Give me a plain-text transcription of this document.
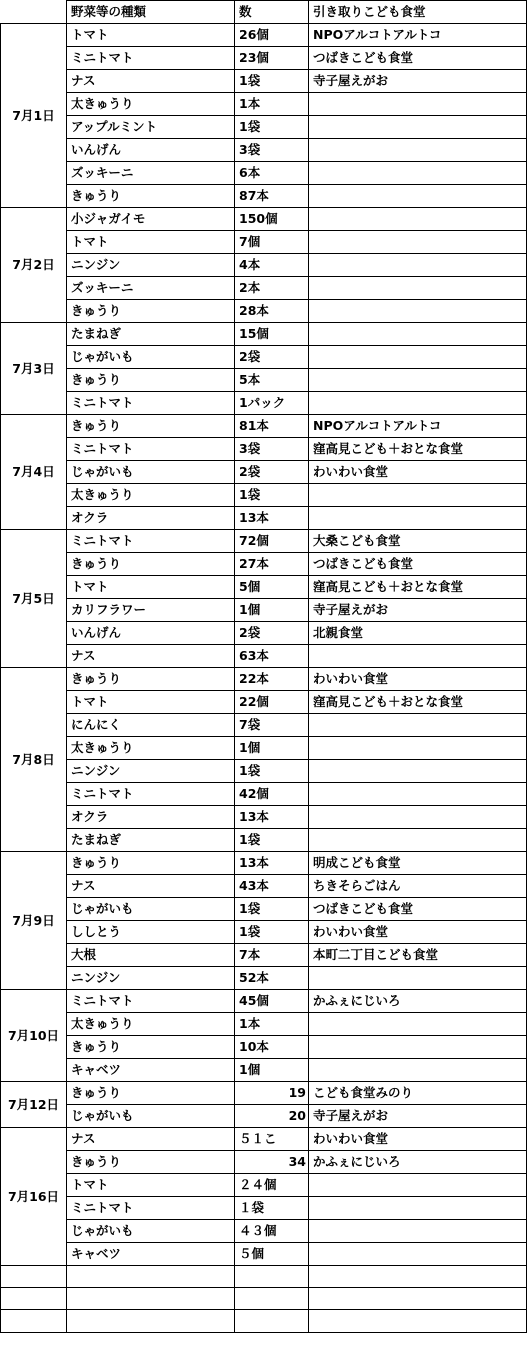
	野菜等の種類	数	引き取りこども食堂
7月1日	トマト	26個	NPOアルコトアルトコ
	ミニトマト	23個	つばきこども食堂
	ナス	1袋	寺子屋えがお
	太きゅうり	1本	
	アップルミント	1袋	
	いんげん	3袋	
	ズッキーニ	6本	
	きゅうり	87本	
7月2日	小ジャガイモ	150個	
	トマト	7個	
	ニンジン	4本	
	ズッキーニ	2本	
	きゅうり	28本	
7月3日	たまねぎ	15個	
	じゃがいも	2袋	
	きゅうり	5本	
	ミニトマト	1パック	
7月4日	きゅうり	81本	NPOアルコトアルトコ
	ミニトマト	3袋	窪高見こども＋おとな食堂
	じゃがいも	2袋	わいわい食堂
	太きゅうり	1袋	
	オクラ	13本	
7月5日	ミニトマト	72個	大桑こども食堂
	きゅうり	27本	つばきこども食堂
	トマト	5個	窪高見こども＋おとな食堂
	カリフラワー	1個	寺子屋えがお
	いんげん	2袋	北親食堂
	ナス	63本	
7月8日	きゅうり	22本	わいわい食堂
	トマト	22個	窪高見こども＋おとな食堂
	にんにく	7袋	
	太きゅうり	1個	
	ニンジン	1袋	
	ミニトマト	42個	
	オクラ	13本	
	たまねぎ	1袋	
7月9日	きゅうり	13本	明成こども食堂
	ナス	43本	ちきそらごはん
	じゃがいも	1袋	つばきこども食堂
	ししとう	1袋	わいわい食堂
	大根	7本	本町二丁目こども食堂
	ニンジン	52本	
7月10日	ミニトマト	45個	かふぇにじいろ
	太きゅうり	1本	
	きゅうり	10本	
	キャベツ	1個	
7月12日	きゅうり	19	こども食堂みのり
	じゃがいも	20	寺子屋えがお
7月16日	ナス	５１こ	わいわい食堂
	きゅうり	34	かふぇにじいろ
	トマト	２４個	
	ミニトマト	１袋	
	じゃがいも	４３個	
	キャベツ	５個	
